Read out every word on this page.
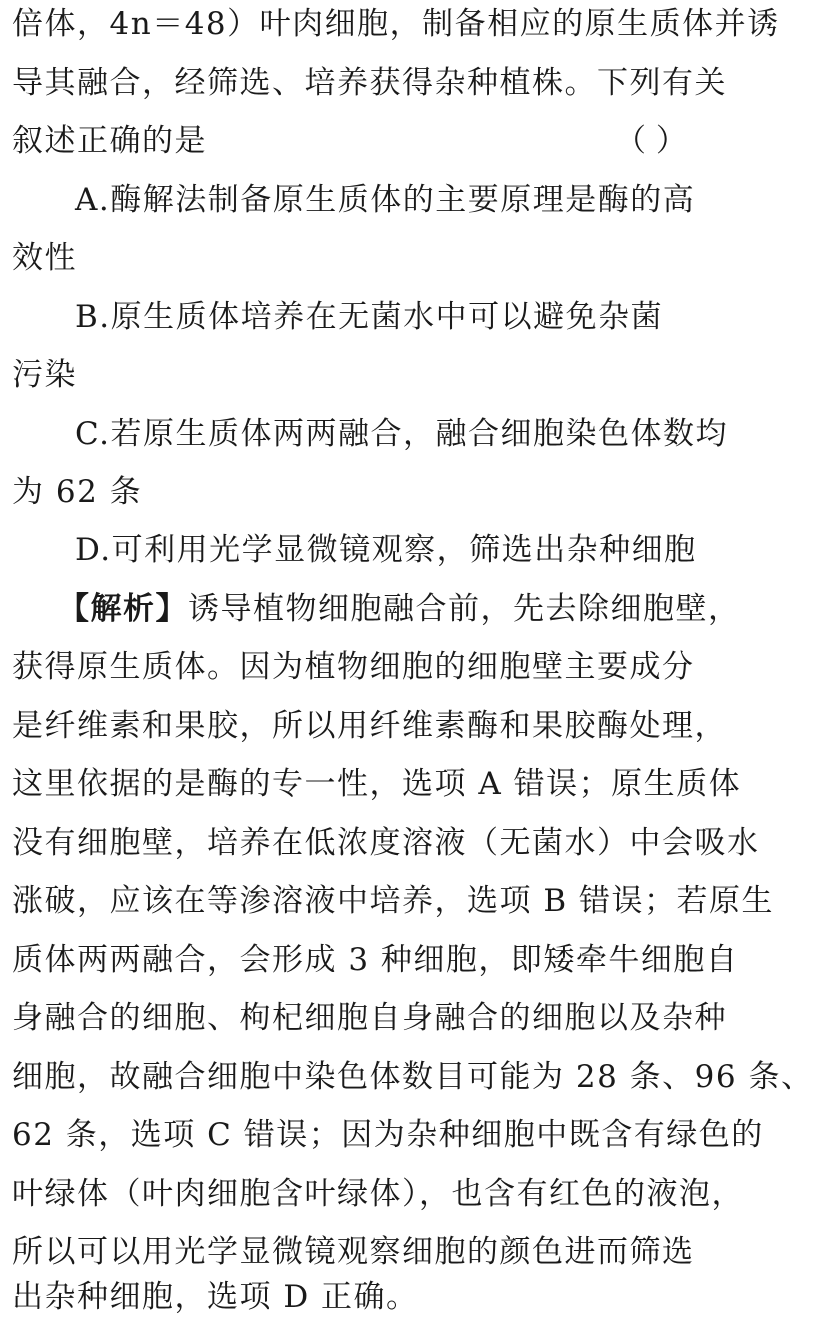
倍体，4n＝48）叶肉细胞，制备相应的原生质体并诱
导其融合，经筛选、培养获得杂种植株。下列有关
叙述正确的是	（ ）
A.酶解法制备原生质体的主要原理是酶的高
效性
B.原生质体培养在无菌水中可以避免杂菌
污染
C.若原生质体两两融合，融合细胞染色体数均
为 62 条
D.可利用光学显微镜观察，筛选出杂种细胞
【解析】诱导植物细胞融合前，先去除细胞壁，
获得原生质体。因为植物细胞的细胞壁主要成分
是纤维素和果胶，所以用纤维素酶和果胶酶处理，
这里依据的是酶的专一性，选项 A 错误；原生质体
没有细胞壁，培养在低浓度溶液（无菌水）中会吸水
涨破，应该在等渗溶液中培养，选项 B 错误；若原生
质体两两融合，会形成 3 种细胞，即矮牵牛细胞自
身融合的细胞、枸杞细胞自身融合的细胞以及杂种
细胞，故融合细胞中染色体数目可能为 28 条、96 条、
62 条，选项 C 错误；因为杂种细胞中既含有绿色的
叶绿体（叶肉细胞含叶绿体），也含有红色的液泡，
所以可以用光学显微镜观察细胞的颜色进而筛选
出杂种细胞，选项 D 正确。
